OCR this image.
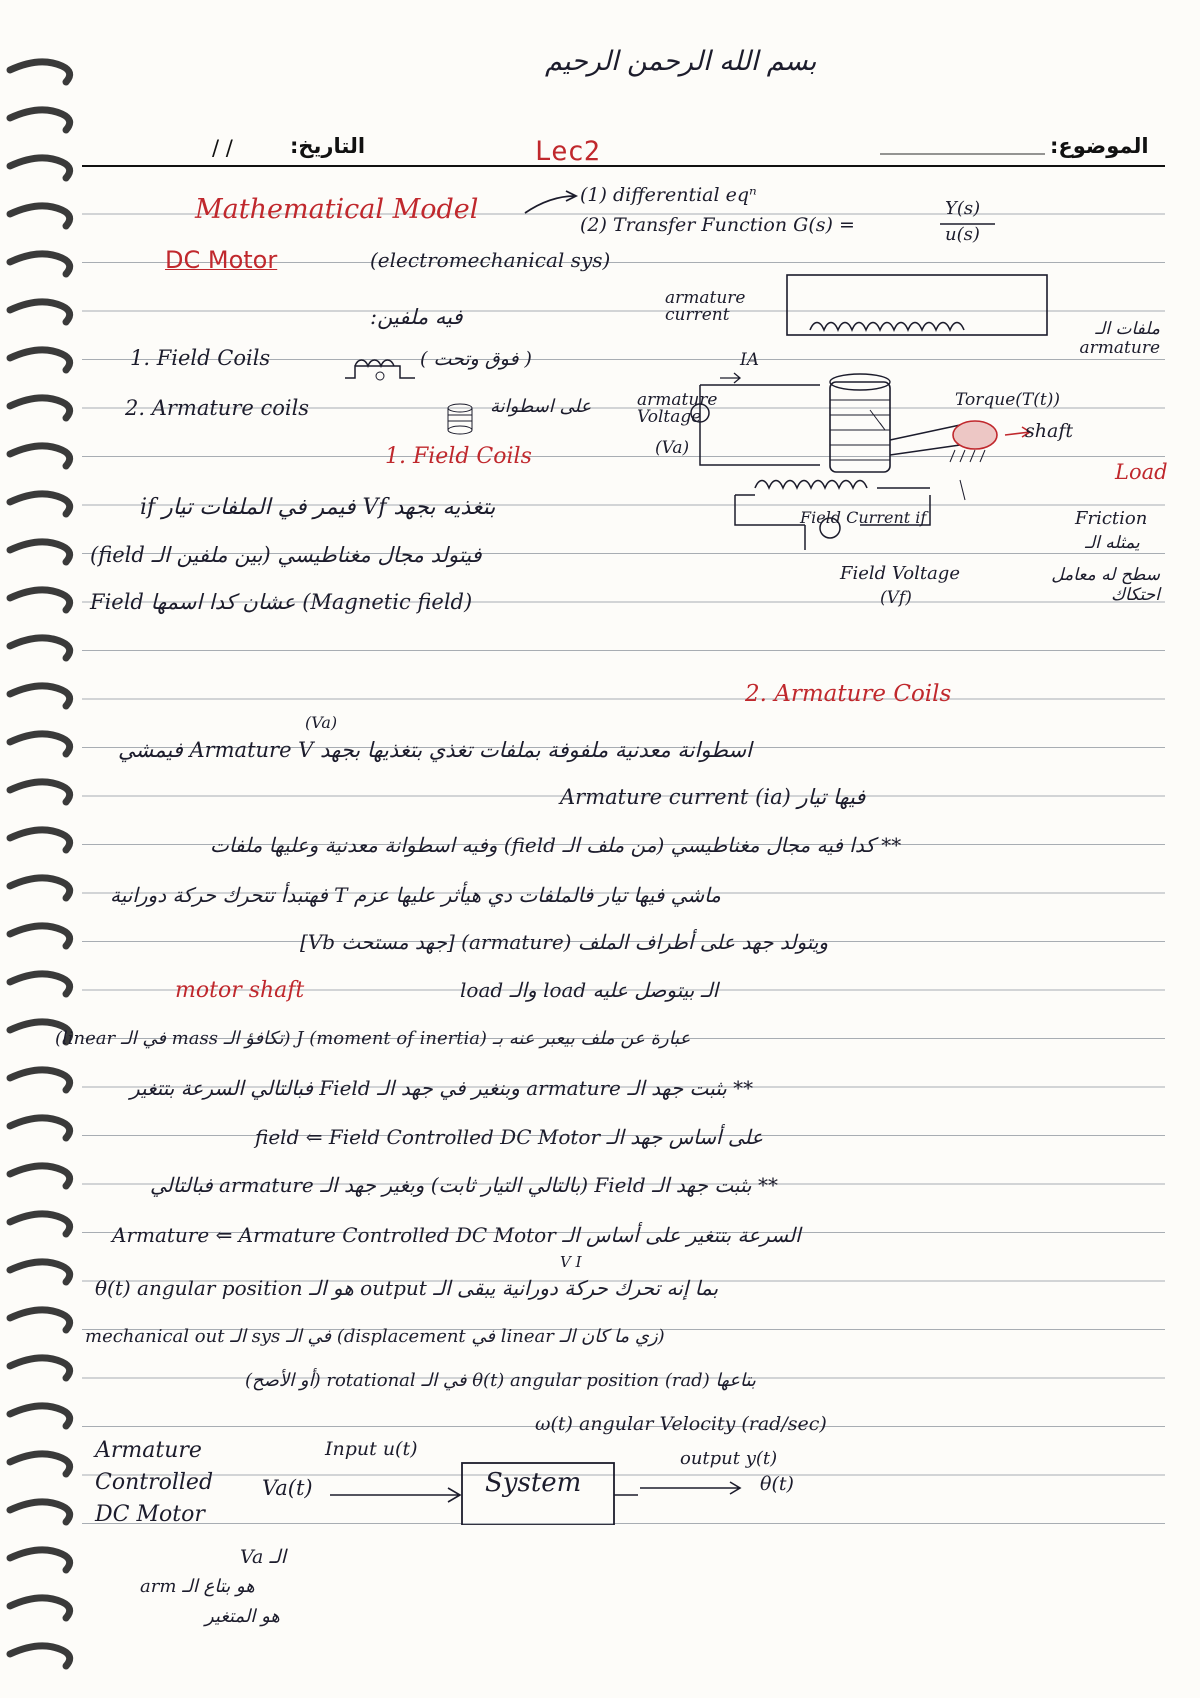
بسم الله الرحمن الرحيم
التاريخ:
/ /	Lec2	الموضوع:
Mathematical Model	(1) differential eqⁿ
(2) Transfer Function G(s) =
Y(s)
u(s)
DC Motor	(electromechanical sys)
فيه ملفين:
1. Field Coils	( فوق وتحت )
2. Armature coils	على اسطوانة
armature current
IA
ملفات الـ armature
armature Voltage
(Va)
Torque(T(t))
shaft
Load
Field Current if	Friction
يمثله الـ
سطح له معامل احتكاك
Field Voltage
(Vf)
1. Field Coils
بتغذيه بجهد Vf فيمر في الملفات تيار if
فيتولد مجال مغناطيسي (بين ملفين الـ field)
Field عشان كدا اسمها (Magnetic field)
2. Armature Coils
(Va)
اسطوانة معدنية ملفوفة بملفات تغذي بتغذيها بجهد Armature V فيمشي
فيها تيار (ia) Armature current
** كدا فيه مجال مغناطيسي (من ملف الـ field) وفيه اسطوانة معدنية وعليها ملفات
ماشي فيها تيار فالملفات دي هيأثر عليها عزم T فهتبدأ تتحرك حركة دورانية
ويتولد جهد على أطراف الملف (armature) [جهد مستحث Vb]
motor shaft	الـ بيتوصل عليه load والـ load
عبارة عن ملف بيعبر عنه بـ J (moment of inertia) (تكافؤ الـ mass في الـ linear)
** بثبت جهد الـ armature وبنغير في جهد الـ Field فبالتالي السرعة بتتغير
على أساس جهد الـ field ⇐ Field Controlled DC Motor
** بثبت جهد الـ Field (بالتالي التيار ثابت) وبغير جهد الـ armature فبالتالي
السرعة بتتغير على أساس الـ Armature ⇐ Armature Controlled DC Motor
V I
بما إنه تحرك حركة دورانية يبقى الـ output هو الـ θ(t) angular position
(زي ما كان الـ linear في displacement) في الـ sys الـ mechanical out
بتاعها (rad) θ(t) angular position في الـ rotational (أو الأصح)
ω(t) angular Velocity (rad/sec)
Armature Controlled DC Motor
Input u(t)
Va(t)	System
output y(t)
θ(t)
الـ Va
هو بتاع الـ arm
هو المتغير
